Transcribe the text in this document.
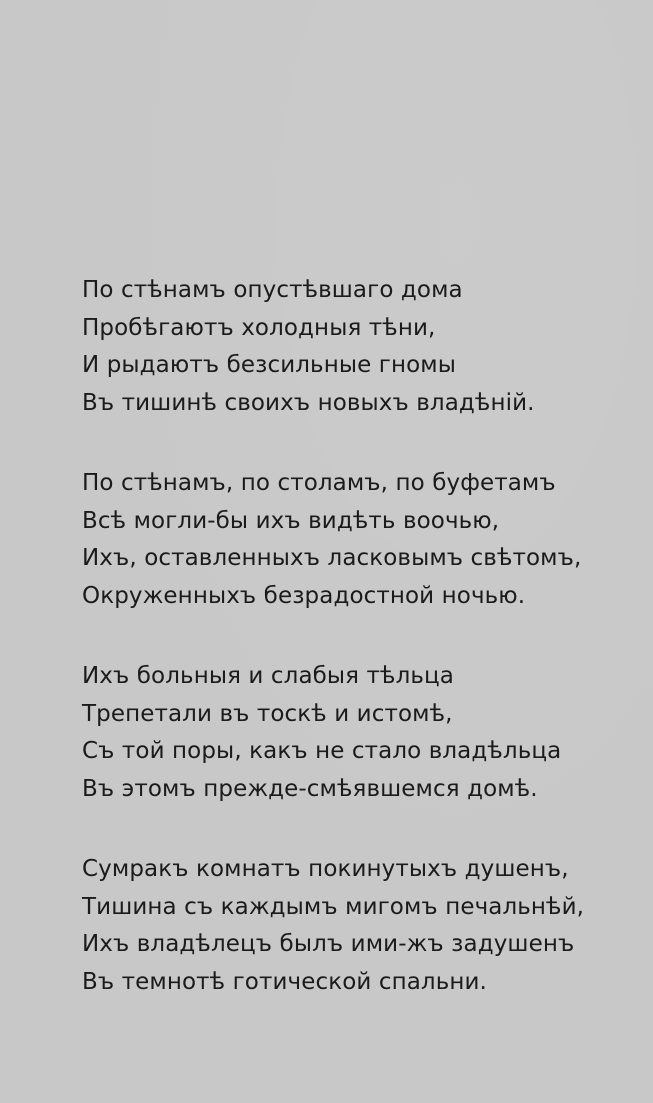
По стѣнамъ опустѣвшаго дома
Пробѣгаютъ холодныя тѣни,
И рыдаютъ безсильные гномы
Въ тишинѣ своихъ новыхъ владѣній.
По стѣнамъ, по столамъ, по буфетамъ
Всѣ могли-бы ихъ видѣть воочью,
Ихъ, оставленныхъ ласковымъ свѣтомъ,
Окруженныхъ безрадостной ночью.
Ихъ больныя и слабыя тѣльца
Трепетали въ тоскѣ и истомѣ,
Съ той поры, какъ не стало владѣльца
Въ этомъ прежде-смѣявшемся домѣ.
Сумракъ комнатъ покинутыхъ душенъ,
Тишина съ каждымъ мигомъ печальнѣй,
Ихъ владѣлецъ былъ ими-жъ задушенъ
Въ темнотѣ готической спальни.
